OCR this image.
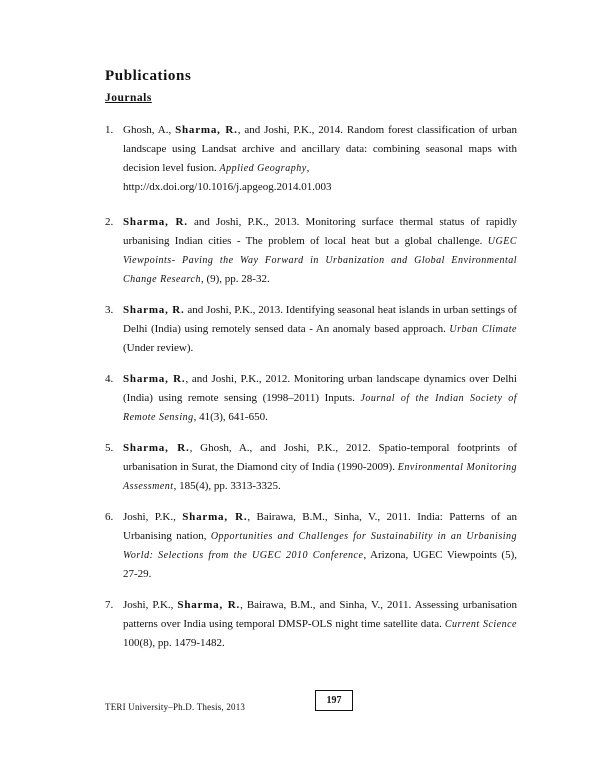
Publications
Journals
1. Ghosh, A., Sharma, R., and Joshi, P.K., 2014. Random forest classification of urban landscape using Landsat archive and ancillary data: combining seasonal maps with decision level fusion. Applied Geography,
http://dx.doi.org/10.1016/j.apgeog.2014.01.003
2. Sharma, R. and Joshi, P.K., 2013. Monitoring surface thermal status of rapidly urbanising Indian cities - The problem of local heat but a global challenge. UGEC Viewpoints- Paving the Way Forward in Urbanization and Global Environmental Change Research, (9), pp. 28-32.
3. Sharma, R. and Joshi, P.K., 2013. Identifying seasonal heat islands in urban settings of Delhi (India) using remotely sensed data - An anomaly based approach. Urban Climate (Under review).
4. Sharma, R., and Joshi, P.K., 2012. Monitoring urban landscape dynamics over Delhi (India) using remote sensing (1998–2011) Inputs. Journal of the Indian Society of Remote Sensing, 41(3), 641-650.
5. Sharma, R., Ghosh, A., and Joshi, P.K., 2012. Spatio-temporal footprints of urbanisation in Surat, the Diamond city of India (1990-2009). Environmental Monitoring Assessment, 185(4), pp. 3313-3325.
6. Joshi, P.K., Sharma, R., Bairawa, B.M., Sinha, V., 2011. India: Patterns of an Urbanising nation, Opportunities and Challenges for Sustainability in an Urbanising World: Selections from the UGEC 2010 Conference, Arizona, UGEC Viewpoints (5), 27-29.
7. Joshi, P.K., Sharma, R., Bairawa, B.M., and Sinha, V., 2011. Assessing urbanisation patterns over India using temporal DMSP-OLS night time satellite data. Current Science 100(8), pp. 1479-1482.
TERI University–Ph.D. Thesis, 2013
197
